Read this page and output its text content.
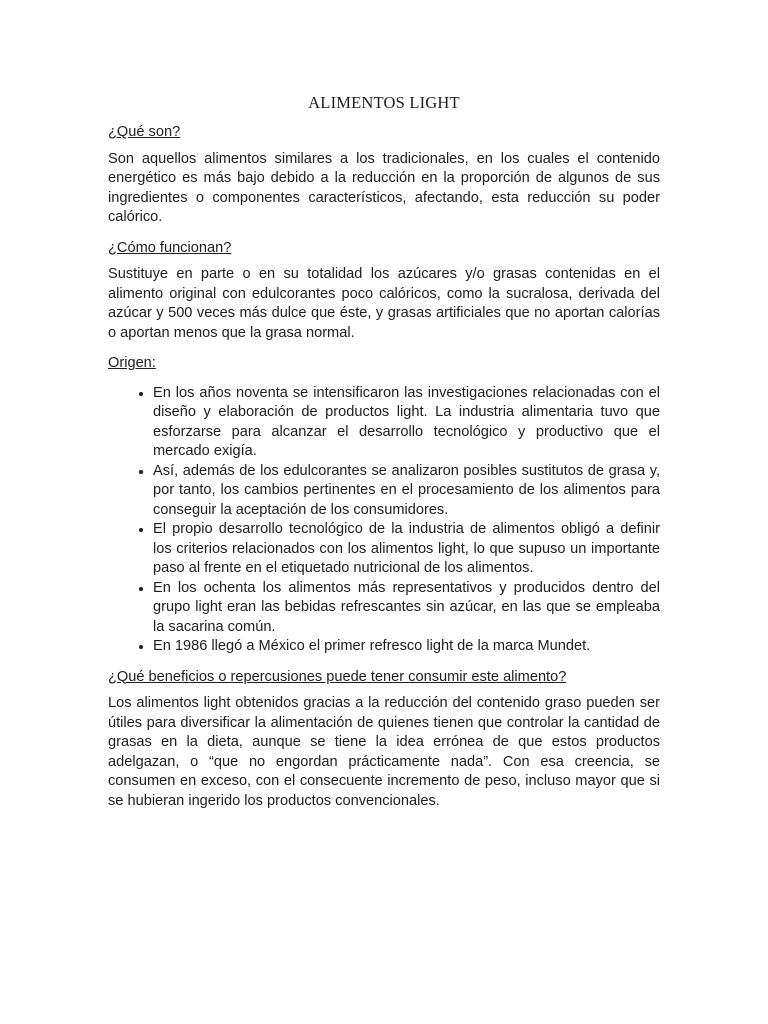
ALIMENTOS LIGHT
¿Qué son?

Son aquellos alimentos similares a los tradicionales, en los cuales el contenido energético es más bajo debido a la reducción en la proporción de algunos de sus ingredientes o componentes característicos, afectando, esta reducción su poder calórico.

¿Cómo funcionan?

Sustituye en parte o en su totalidad los azúcares y/o grasas contenidas en el alimento original con edulcorantes poco calóricos, como la sucralosa, derivada del azúcar y 500 veces más dulce que éste, y grasas artificiales que no aportan calorías o aportan menos que la grasa normal.

Origen:
• En los años noventa se intensificaron las investigaciones relacionadas con el diseño y elaboración de productos light. La industria alimentaria tuvo que esforzarse para alcanzar el desarrollo tecnológico y productivo que el mercado exigía.
• Así, además de los edulcorantes se analizaron posibles sustitutos de grasa y, por tanto, los cambios pertinentes en el procesamiento de los alimentos para conseguir la aceptación de los consumidores.
• El propio desarrollo tecnológico de la industria de alimentos obligó a definir los criterios relacionados con los alimentos light, lo que supuso un importante paso al frente en el etiquetado nutricional de los alimentos.
• En los ochenta los alimentos más representativos y producidos dentro del grupo light eran las bebidas refrescantes sin azúcar, en las que se empleaba la sacarina común.
• En 1986 llegó a México el primer refresco light de la marca Mundet.
¿Qué beneficios o repercusiones puede tener consumir este alimento?

Los alimentos light obtenidos gracias a la reducción del contenido graso pueden ser útiles para diversificar la alimentación de quienes tienen que controlar la cantidad de grasas en la dieta, aunque se tiene la idea errónea de que estos productos adelgazan, o “que no engordan prácticamente nada”. Con esa creencia, se consumen en exceso, con el consecuente incremento de peso, incluso mayor que si se hubieran ingerido los productos convencionales.
